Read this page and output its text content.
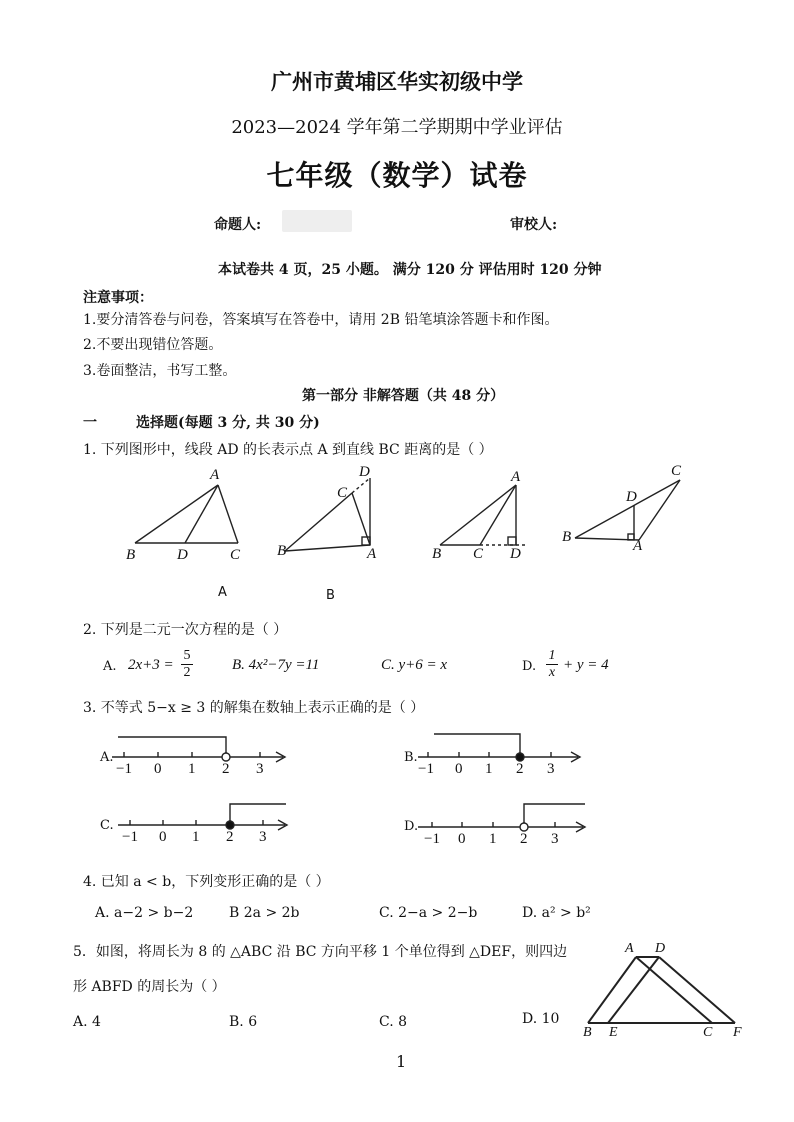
广州市黄埔区华实初级中学
2023—2024 学年第二学期期中学业评估
七年级（数学）试卷
命题人:	审校人:
本试卷共 4 页，25 小题。 满分 120 分 评估用时 120 分钟
注意事项：
1.要分清答卷与问卷，答案填写在答卷中，请用 2B 铅笔填涂答题卡和作图。
2.不要出现错位答题。
3.卷面整洁，书写工整。
第一部分 非解答题（共 48 分）
一	选择题(每题 3 分, 共 30 分)
1. 下列图形中，线段 AD 的长表示点 A 到直线 BC 距离的是（ ）
A
B	D	C
D
C
B	A
A
B C D
C
D
B
A
A	B
2. 下列是二元一次方程的是（ ）
A. $2x+3 = \frac{5}{2}$	B. 4x²−7y =11	C. y+6 = x	D. $\frac{1}{x} + y = 4$
3. 不等式 5−x ≥ 3 的解集在数轴上表示正确的是（ ）
A.
−1 0 1 2 3
B.
−1 0 1 2 3
C.
−1 0 1 2 3
D.
−1 0 1 2 3
4. 已知 a < b，下列变形正确的是（ ）
A. a−2 > b−2	B 2a > 2b	C. 2−a > 2−b	D. a² > b²
5．如图，将周长为 8 的 △ABC 沿 BC 方向平移 1 个单位得到 △DEF，则四边
形 ABFD 的周长为（ ）
A. 4	B. 6	C. 8	D. 10
A D
B E	C F
1
